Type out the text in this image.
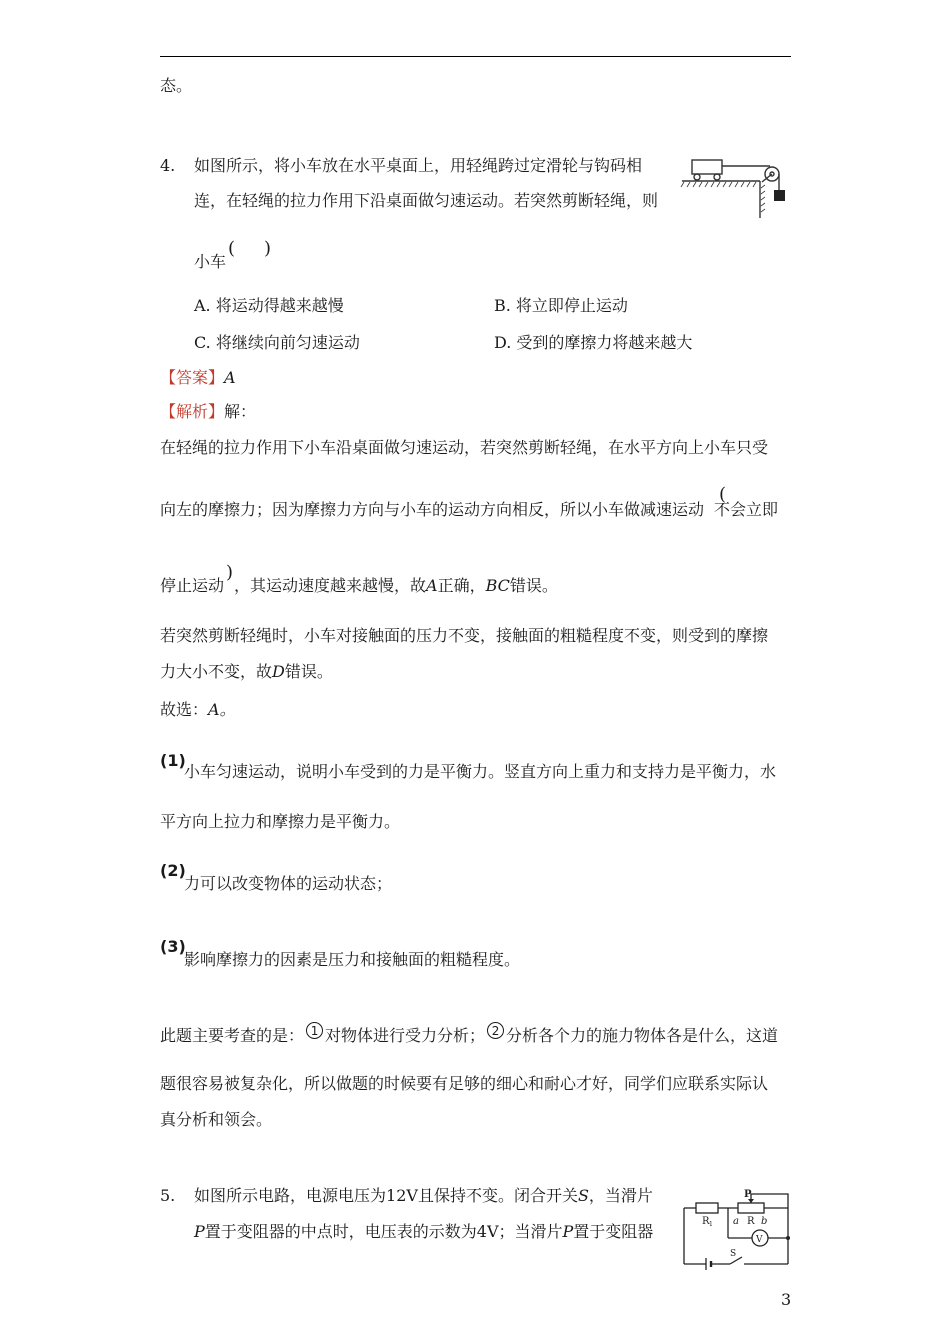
态。
4. 如图所示，将小车放在水平桌面上，用轻绳跨过定滑轮与钩码相
连，在轻绳的拉力作用下沿桌面做匀速运动。若突然剪断轻绳，则
小车
( )
A. 将运动得越来越慢	B. 将立即停止运动
C. 将继续向前匀速运动	D. 受到的摩擦力将越来越大
【答案】A
【解析】解：
在轻绳的拉力作用下小车沿桌面做匀速运动，若突然剪断轻绳，在水平方向上小车只受
向左的摩擦力；因为摩擦力方向与小车的运动方向相反，所以小车做减速运动 不会立即
(
停止运动 ，其运动速度越来越慢，故A正确，BC错误。
)
若突然剪断轻绳时，小车对接触面的压力不变，接触面的粗糙程度不变，则受到的摩擦
力大小不变，故D错误。
故选：A。
(1)
小车匀速运动，说明小车受到的力是平衡力。竖直方向上重力和支持力是平衡力，水
平方向上拉力和摩擦力是平衡力。
(2)
力可以改变物体的运动状态；
(3)
影响摩擦力的因素是压力和接触面的粗糙程度。
此题主要考查的是： 1 对物体进行受力分析； 2 分析各个力的施力物体各是什么，这道
题很容易被复杂化，所以做题的时候要有足够的细心和耐心才好，同学们应联系实际认
真分析和领会。
5. 如图所示电路，电源电压为12V且保持不变。闭合开关S，当滑片
P置于变阻器的中点时，电压表的示数为4V；当滑片P置于变阻器
P
R 1 a R b
V
S
3
